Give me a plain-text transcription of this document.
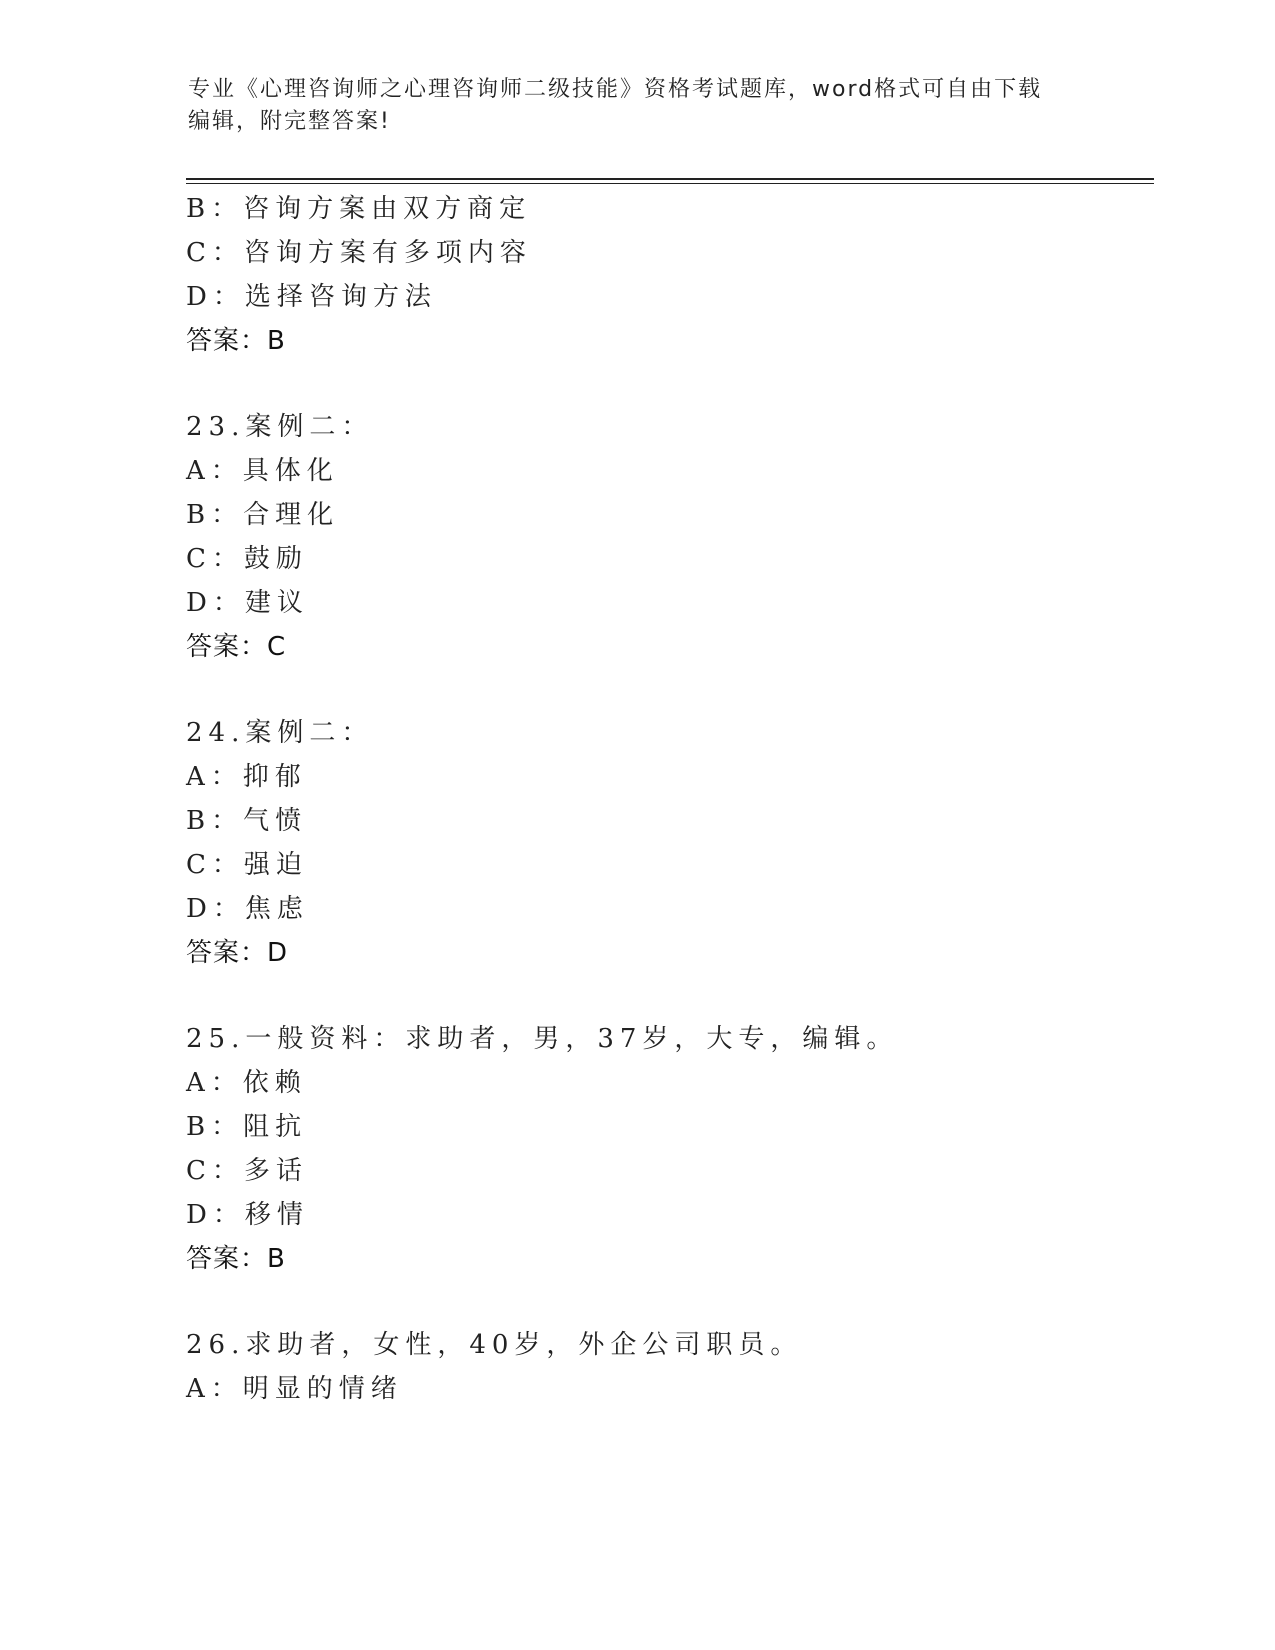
专业《心理咨询师之心理咨询师二级技能》资格考试题库，word格式可自由下载
编辑，附完整答案!
B：咨询方案由双方商定
C：咨询方案有多项内容
D：选择咨询方法
答案：B
23.案例二：
A：具体化
B：合理化
C：鼓励
D：建议
答案：C
24.案例二：
A：抑郁
B：气愤
C：强迫
D：焦虑
答案：D
25.一般资料：求助者，男，37岁，大专，编辑。
A：依赖
B：阻抗
C：多话
D：移情
答案：B
26.求助者，女性，40岁，外企公司职员。
A：明显的情绪
